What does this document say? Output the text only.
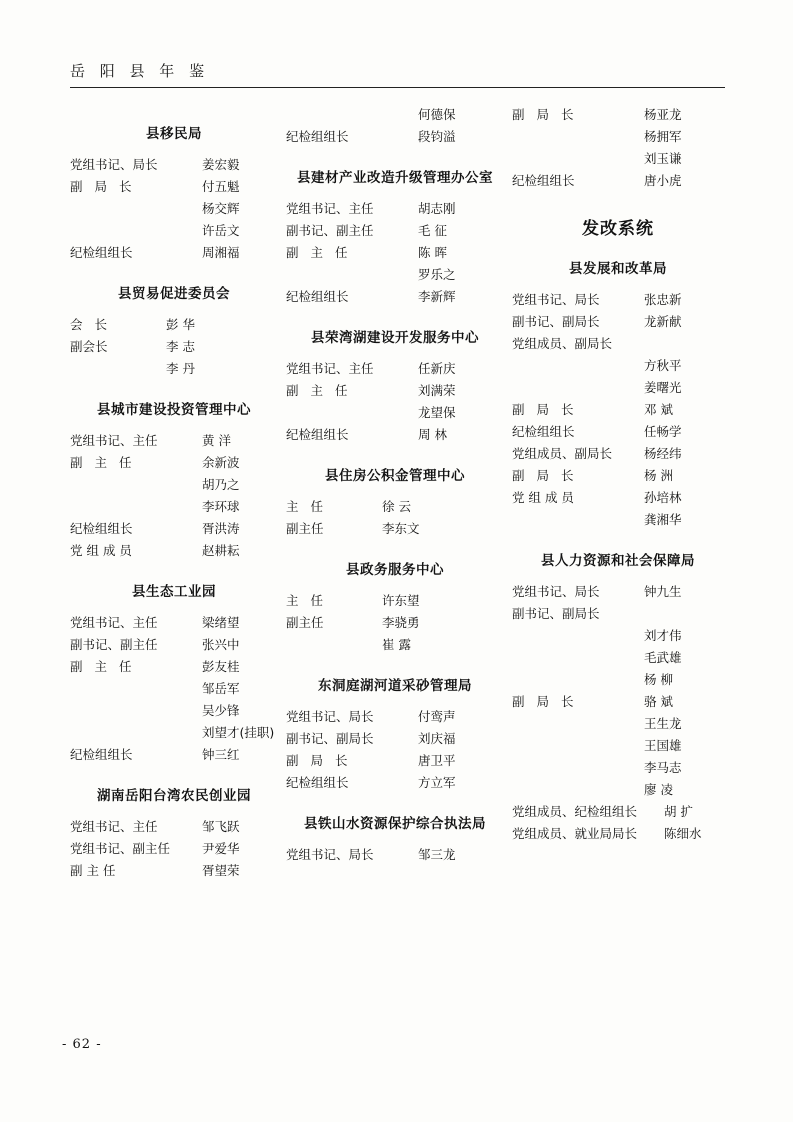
岳 阳 县 年 鉴
县移民局
党组书记、局长	姜宏毅
副 局 长	付五魁
杨交辉
许岳文
纪检组组长	周湘福
县贸易促进委员会
会 长	彭 华
副会长	李 志
李 丹
县城市建设投资管理中心
党组书记、主任	黄 洋
副 主 任	余新波
胡乃之
李环球
纪检组组长	胥洪涛
党 组 成 员	赵耕耘
县生态工业园
党组书记、主任	梁绪望
副书记、副主任	张兴中
副 主 任	彭友桂
邹岳军
吴少锋
刘望才(挂职)
纪检组组长	钟三红
湖南岳阳台湾农民创业园
党组书记、主任	邹飞跃
党组书记、副主任	尹爱华
副 主 任	胥望荣
何德保
纪检组组长	段钧溢
县建材产业改造升级管理办公室
党组书记、主任	胡志刚
副书记、副主任	毛 征
副 主 任	陈 晖
罗乐之
纪检组组长	李新辉
县荣湾湖建设开发服务中心
党组书记、主任	任新庆
副 主 任	刘满荣
龙望保
纪检组组长	周 林
县住房公积金管理中心
主 任	徐 云
副主任	李东文
县政务服务中心
主 任	许东望
副主任	李骁勇
崔 露
东洞庭湖河道采砂管理局
党组书记、局长	付鸾声
副书记、副局长	刘庆福
副 局 长	唐卫平
纪检组组长	方立军
县铁山水资源保护综合执法局
党组书记、局长	邹三龙
副 局 长	杨亚龙
杨拥军
刘玉谦
纪检组组长	唐小虎
发改系统
县发展和改革局
党组书记、局长	张忠新
副书记、副局长	龙新献
党组成员、副局长
方秋平
姜曙光
副 局 长	邓 斌
纪检组组长	任畅学
党组成员、副局长	杨经纬
副 局 长	杨 洲
党 组 成 员	孙培林
龚湘华
县人力资源和社会保障局
党组书记、局长	钟九生
副书记、副局长
刘才伟
毛武雄
杨 柳
副 局 长	骆 斌
王生龙
王国雄
李马志
廖 凌
党组成员、纪检组组长	胡 扩
党组成员、就业局局长	陈细水
- 62 -
